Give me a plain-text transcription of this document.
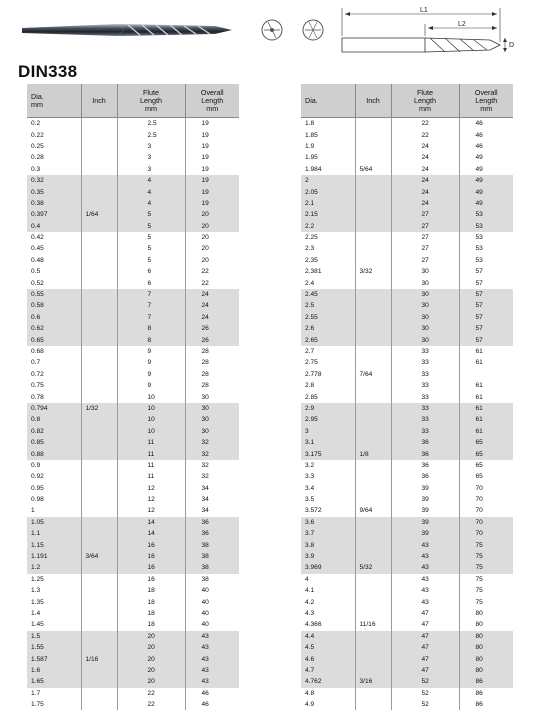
L1
L2
D
DIN338
Dia.
mm	Inch	Flute
Length
mm	Overall
Length
mm
0.2		2.5	19
0.22		2.5	19
0.25		3	19
0.28		3	19
0.3		3	19
0.32		4	19
0.35		4	19
0.38		4	19
0.397	1/64	5	20
0.4		5	20
0.42		5	20
0.45		5	20
0.48		5	20
0.5		6	22
0.52		6	22
0.55		7	24
0.58		7	24
0.6		7	24
0.62		8	26
0.65		8	26
0.68		9	28
0.7		9	28
0.72		9	28
0.75		9	28
0.78		10	30
0.794	1/32	10	30
0.8		10	30
0.82		10	30
0.85		11	32
0.88		11	32
0.9		11	32
0.92		11	32
0.95		12	34
0.98		12	34
1		12	34
1.05		14	36
1.1		14	36
1.15		16	38
1.191	3/64	16	38
1.2		16	38
1.25		16	38
1.3		18	40
1.35		18	40
1.4		18	40
1.45		18	40
1.5		20	43
1.55		20	43
1.587	1/16	20	43
1.6		20	43
1.65		20	43
1.7		22	46
1.75		22	46
Dia.	Inch	Flute
Length
mm	Overall
Length
mm
1.8		22	46
1.85		22	46
1.9		24	46
1.95		24	49
1.984	5/64	24	49
2		24	49
2.05		24	49
2.1		24	49
2.15		27	53
2.2		27	53
2.25		27	53
2.3		27	53
2.35		27	53
2.381	3/32	30	57
2.4		30	57
2.45		30	57
2.5		30	57
2.55		30	57
2.6		30	57
2.65		30	57
2.7		33	61
2.75		33	61
2.778	7/64	33	
2.8		33	61
2.85		33	61
2.9		33	61
2.95		33	61
3		33	61
3.1		36	65
3.175	1/8	36	65
3.2		36	65
3.3		36	65
3.4		39	70
3.5		39	70
3.572	9/64	39	70
3.6		39	70
3.7		39	70
3.8		43	75
3.9		43	75
3.969	5/32	43	75
4		43	75
4.1		43	75
4.2		43	75
4.3		47	80
4.366	11/16	47	80
4.4		47	80
4.5		47	80
4.6		47	80
4.7		47	80
4.762	3/16	52	86
4.8		52	86
4.9		52	86
